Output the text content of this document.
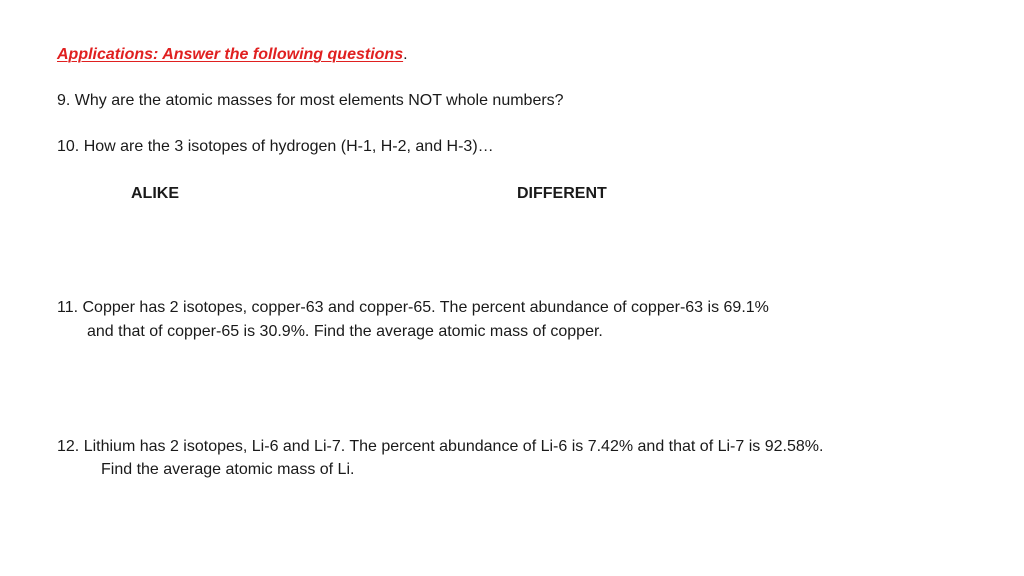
Applications: Answer the following questions.
9. Why are the atomic masses for most elements NOT whole numbers?
10. How are the 3 isotopes of hydrogen (H-1, H-2, and H-3)…
ALIKE	DIFFERENT
11. Copper has 2 isotopes, copper-63 and copper-65. The percent abundance of copper-63 is 69.1%
and that of copper-65 is 30.9%. Find the average atomic mass of copper.
12. Lithium has 2 isotopes, Li-6 and Li-7. The percent abundance of Li-6 is 7.42% and that of Li-7 is 92.58%.
Find the average atomic mass of Li.
